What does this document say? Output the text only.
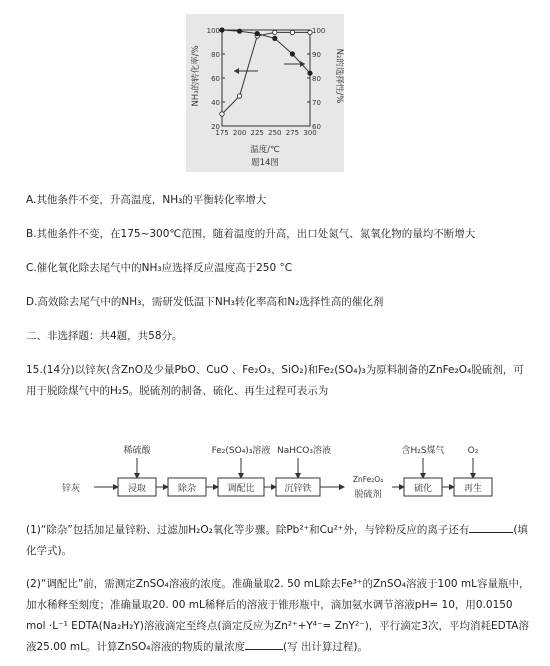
NH₃的转化率/%	N₂的选择性/%
温度/℃
题14图
100
80
60
40
20
100
90
80
70
60
175 200 225 250 275 300
A.其他条件不变，升高温度，NH₃的平衡转化率增大
B.其他条件不变，在175~300℃范围，随着温度的升高，出口处氮气、氮氧化物的量均不断增大
C.催化氧化除去尾气中的NH₃应选择反应温度高于250 °C
D.高效除去尾气中的NH₃，需研发低温下NH₃转化率高和N₂选择性高的催化剂
二、非选择题：共4题，共58分。
15.(14分)以锌灰(含ZnO及少量PbO、CuO 、Fe₂O₃、SiO₂)和Fe₂(SO₄)₃为原料制备的ZnFe₂O₄脱硫剂，可用于脱除煤气中的H₂S。脱硫剂的制备、硫化、再生过程可表示为
锌灰	浸取	除杂	调配比	沉锌铁
ZnFe₂O₄
脱硫剂
硫化	再生
稀硫酸	Fe₂(SO₄)₃溶液 NaHCO₃溶液	含H₂S煤气	O₂
(1)“除杂”包括加足量锌粉、过滤加H₂O₂氧化等步骤。除Pb²⁺和Cu²⁺外，与锌粉反应的离子还有	(填化学式)。
(2)“调配比”前，需测定ZnSO₄溶液的浓度。准确量取2. 50 mL除去Fe³⁺的ZnSO₄溶液于100 mL容量瓶中，加水稀释至刻度；准确量取20. 00 mL稀释后的溶液于锥形瓶中，滴加氨水调节溶液pH= 10，用0.0150 mol ·L⁻¹ EDTA(Na₂H₂Y)溶液滴定至终点(滴定反应为Zn²⁺+Y⁴⁻= ZnY²⁻)，平行滴定3次，平均消耗EDTA溶液25.00 mL。计算ZnSO₄溶液的物质的量浓度	(写 出计算过程)。
